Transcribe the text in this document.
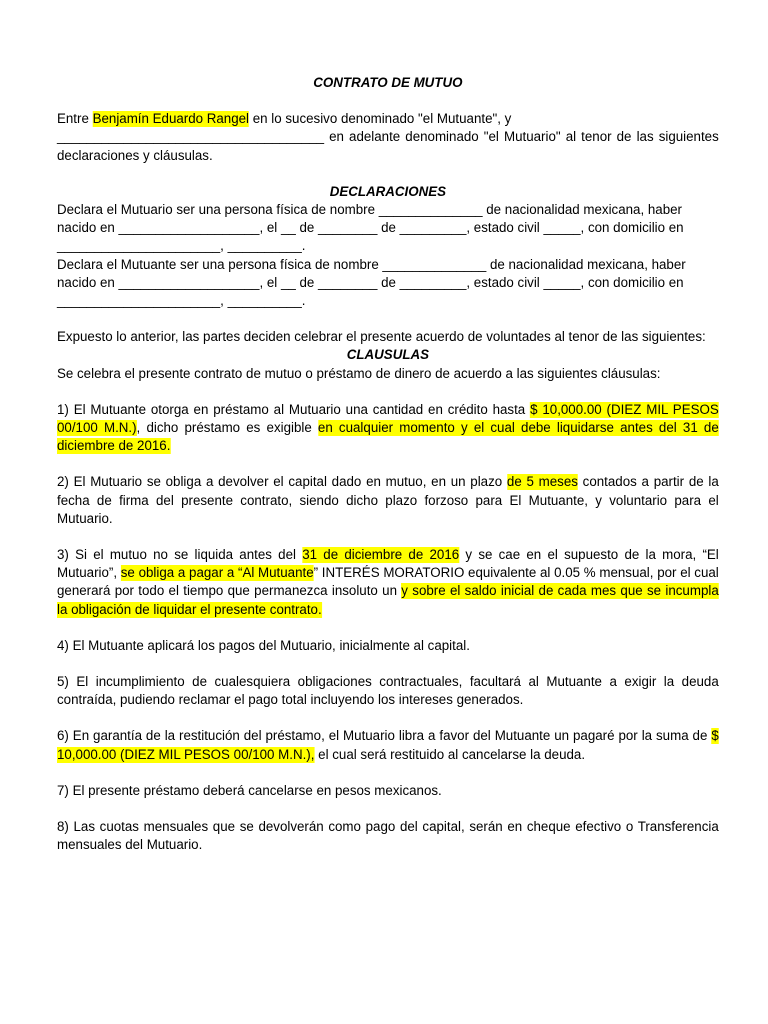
CONTRATO DE MUTUO

Entre Benjamín Eduardo Rangel en lo sucesivo denominado "el Mutuante", y

____________________________________ en adelante denominado "el Mutuario" al tenor de las siguientes declaraciones y cláusulas.

DECLARACIONES

Declara el Mutuario ser una persona física de nombre ______________ de nacionalidad mexicana, haber nacido en ___________________, el __ de ________ de _________, estado civil _____, con domicilio en ______________________, __________.

Declara el Mutuante ser una persona física de nombre ______________ de nacionalidad mexicana, haber nacido en ___________________, el __ de ________ de _________, estado civil _____, con domicilio en ______________________, __________.

Expuesto lo anterior, las partes deciden celebrar el presente acuerdo de voluntades al tenor de las siguientes:

CLAUSULAS

Se celebra el presente contrato de mutuo o préstamo de dinero de acuerdo a las siguientes cláusulas:

1) El Mutuante otorga en préstamo al Mutuario una cantidad en crédito hasta $ 10,000.00 (DIEZ MIL PESOS 00/100 M.N.), dicho préstamo es exigible en cualquier momento y el cual debe liquidarse antes del 31 de diciembre de 2016.

2) El Mutuario se obliga a devolver el capital dado en mutuo, en un plazo de 5 meses contados a partir de la fecha de firma del presente contrato, siendo dicho plazo forzoso para El Mutuante, y voluntario para el Mutuario.

3) Si el mutuo no se liquida antes del 31 de diciembre de 2016 y se cae en el supuesto de la mora, “El Mutuario”, se obliga a pagar a “Al Mutuante” INTERÉS MORATORIO equivalente al 0.05 % mensual, por el cual generará por todo el tiempo que permanezca insoluto un y sobre el saldo inicial de cada mes que se incumpla la obligación de liquidar el presente contrato.

4) El Mutuante aplicará los pagos del Mutuario, inicialmente al capital.

5) El incumplimiento de cualesquiera obligaciones contractuales, facultará al Mutuante a exigir la deuda contraída, pudiendo reclamar el pago total incluyendo los intereses generados.

6) En garantía de la restitución del préstamo, el Mutuario libra a favor del Mutuante un pagaré por la suma de $ 10,000.00 (DIEZ MIL PESOS 00/100 M.N.), el cual será restituido al cancelarse la deuda.

7) El presente préstamo deberá cancelarse en pesos mexicanos.

8) Las cuotas mensuales que se devolverán como pago del capital, serán en cheque efectivo o Transferencia mensuales del Mutuario.
